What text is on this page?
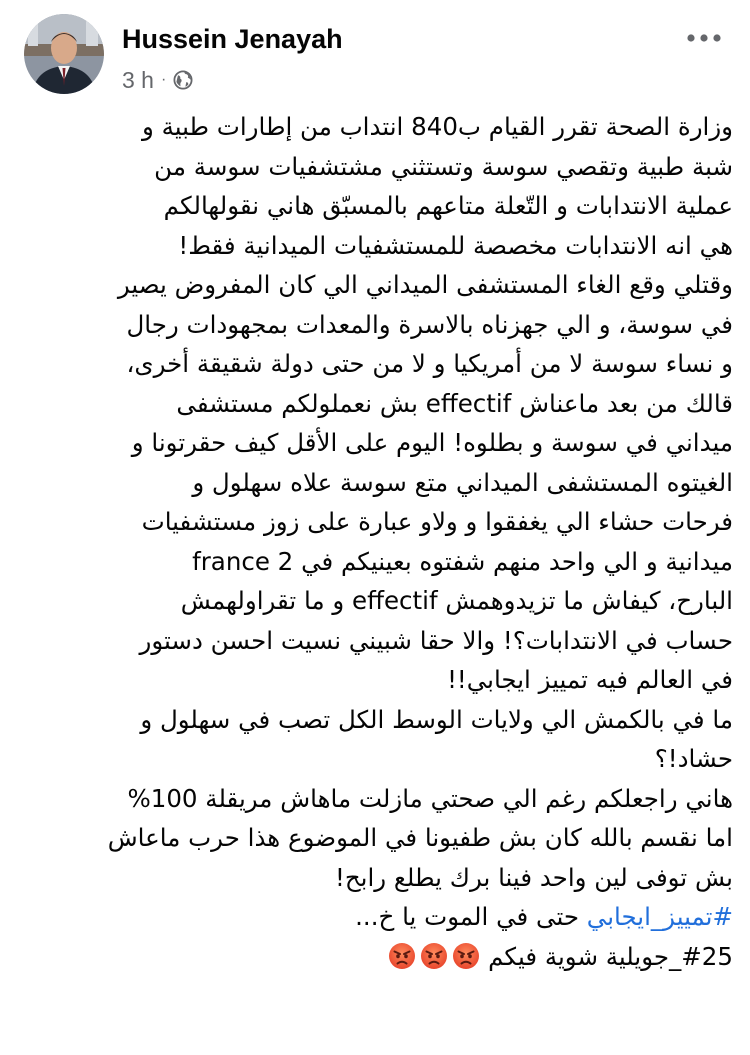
Hussein Jenayah
3 h ·
وزارة الصحة تقرر القيام ب840 انتداب من إطارات طبية و
شبة طبية وتقصي سوسة وتستثني مشتشفيات سوسة من
عملية الانتدابات و التّعلة متاعهم بالمسبّق هاني نقولهالكم
هي انه الانتدابات مخصصة للمستشفيات الميدانية فقط!
وقتلي وقع الغاء المستشفى الميداني الي كان المفروض يصير
في سوسة، و الي جهزناه بالاسرة والمعدات بمجهودات رجال
و نساء سوسة لا من أمريكيا و لا من حتى دولة شقيقة أخرى،
قالك من بعد ماعناش effectif بش نعملولكم مستشفى
ميداني في سوسة و بطلوه! اليوم على الأقل كيف حقرتونا و
الغيتوه المستشفى الميداني متع سوسة علاه سهلول و
فرحات حشاء الي يغفقوا و ولاو عبارة على زوز مستشفيات
ميدانية و الي واحد منهم شفتوه بعينيكم في france 2
البارح، كيفاش ما تزيدوهمش effectif و ما تقراولهمش
حساب في الانتدابات؟! والا حقا شبيني نسيت احسن دستور
في العالم فيه تمييز ايجابي!!
ما في بالكمش الي ولايات الوسط الكل تصب في سهلول و
حشاد!؟
هاني راجعلكم رغم الي صحتي مازلت ماهاش مريقلة 100%
اما نقسم بالله كان بش طفيونا في الموضوع هذا حرب ماعاش
بش توفى لين واحد فينا برك يطلع رابح!
#تمييز_ايجابي حتى في الموت يا خ...
#25_جويلية شوية فيكم
